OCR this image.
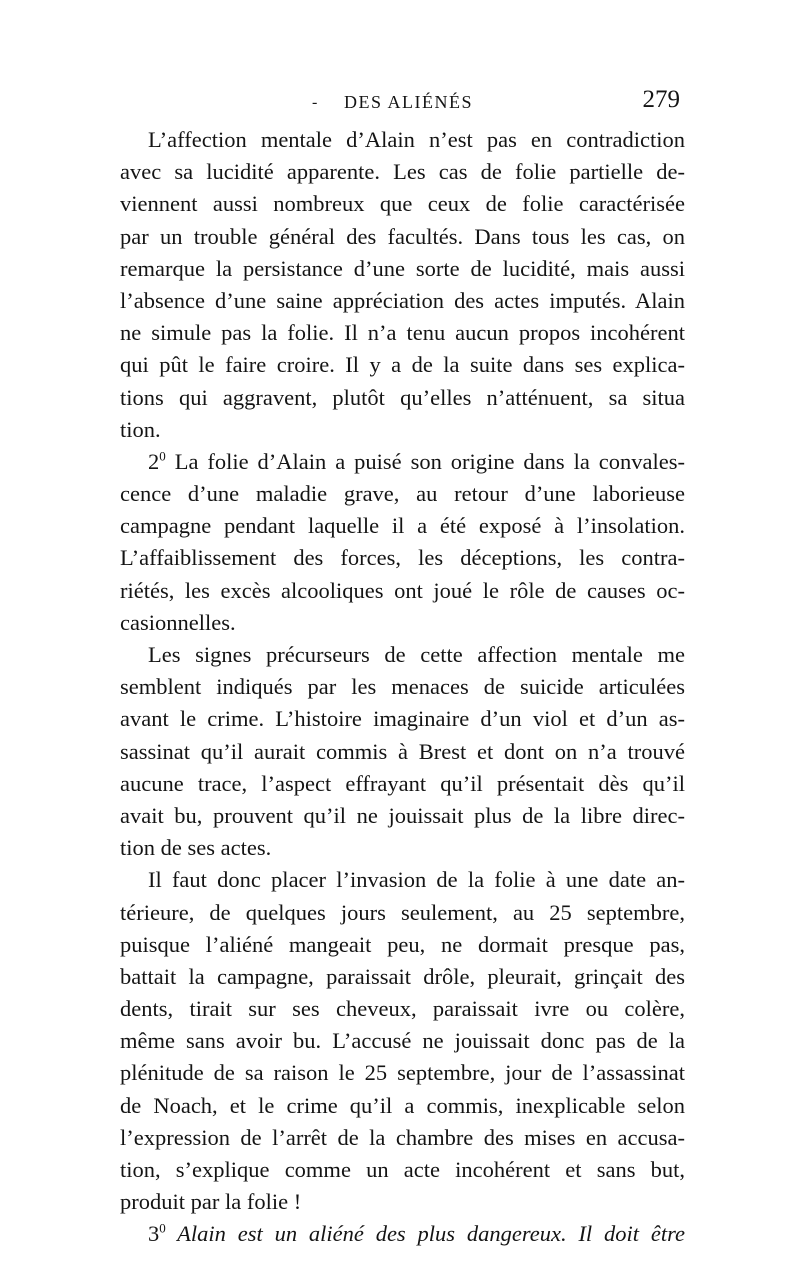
- DES ALIÉNÉS	279
L’affection mentale d’Alain n’est pas en contradiction
avec sa lucidité apparente. Les cas de folie partielle de-
viennent aussi nombreux que ceux de folie caractérisée
par un trouble général des facultés. Dans tous les cas, on
remarque la persistance d’une sorte de lucidité, mais aussi
l’absence d’une saine appréciation des actes imputés. Alain
ne simule pas la folie. Il n’a tenu aucun propos incohérent
qui pût le faire croire. Il y a de la suite dans ses explica-
tions qui aggravent, plutôt qu’elles n’atténuent, sa situa
tion.
$2^0$ La folie d’Alain a puisé son origine dans la convales-
cence d’une maladie grave, au retour d’une laborieuse
campagne pendant laquelle il a été exposé à l’insolation.
L’affaiblissement des forces, les déceptions, les contra-
riétés, les excès alcooliques ont joué le rôle de causes oc-
casionnelles.
Les signes précurseurs de cette affection mentale me
semblent indiqués par les menaces de suicide articulées
avant le crime. L’histoire imaginaire d’un viol et d’un as-
sassinat qu’il aurait commis à Brest et dont on n’a trouvé
aucune trace, l’aspect effrayant qu’il présentait dès qu’il
avait bu, prouvent qu’il ne jouissait plus de la libre direc-
tion de ses actes.
Il faut donc placer l’invasion de la folie à une date an-
térieure, de quelques jours seulement, au 25 septembre,
puisque l’aliéné mangeait peu, ne dormait presque pas,
battait la campagne, paraissait drôle, pleurait, grinçait des
dents, tirait sur ses cheveux, paraissait ivre ou colère,
même sans avoir bu. L’accusé ne jouissait donc pas de la
plénitude de sa raison le 25 septembre, jour de l’assassinat
de Noach, et le crime qu’il a commis, inexplicable selon
l’expression de l’arrêt de la chambre des mises en accusa-
tion, s’explique comme un acte incohérent et sans but,
produit par la folie !
$3^0$ Alain est un aliéné des plus dangereux. Il doit être
